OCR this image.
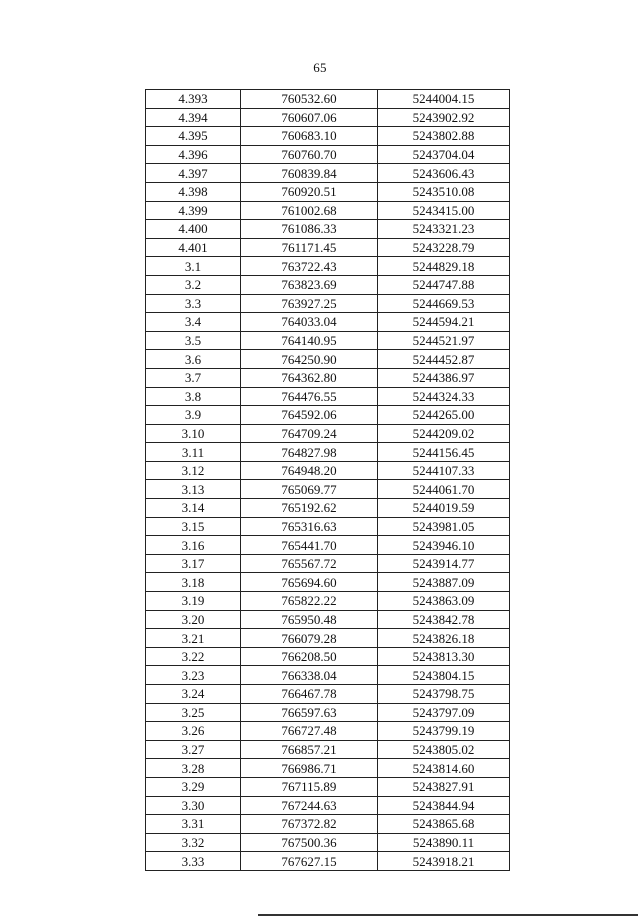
65
4.393	760532.60	5244004.15
4.394	760607.06	5243902.92
4.395	760683.10	5243802.88
4.396	760760.70	5243704.04
4.397	760839.84	5243606.43
4.398	760920.51	5243510.08
4.399	761002.68	5243415.00
4.400	761086.33	5243321.23
4.401	761171.45	5243228.79
3.1	763722.43	5244829.18
3.2	763823.69	5244747.88
3.3	763927.25	5244669.53
3.4	764033.04	5244594.21
3.5	764140.95	5244521.97
3.6	764250.90	5244452.87
3.7	764362.80	5244386.97
3.8	764476.55	5244324.33
3.9	764592.06	5244265.00
3.10	764709.24	5244209.02
3.11	764827.98	5244156.45
3.12	764948.20	5244107.33
3.13	765069.77	5244061.70
3.14	765192.62	5244019.59
3.15	765316.63	5243981.05
3.16	765441.70	5243946.10
3.17	765567.72	5243914.77
3.18	765694.60	5243887.09
3.19	765822.22	5243863.09
3.20	765950.48	5243842.78
3.21	766079.28	5243826.18
3.22	766208.50	5243813.30
3.23	766338.04	5243804.15
3.24	766467.78	5243798.75
3.25	766597.63	5243797.09
3.26	766727.48	5243799.19
3.27	766857.21	5243805.02
3.28	766986.71	5243814.60
3.29	767115.89	5243827.91
3.30	767244.63	5243844.94
3.31	767372.82	5243865.68
3.32	767500.36	5243890.11
3.33	767627.15	5243918.21
